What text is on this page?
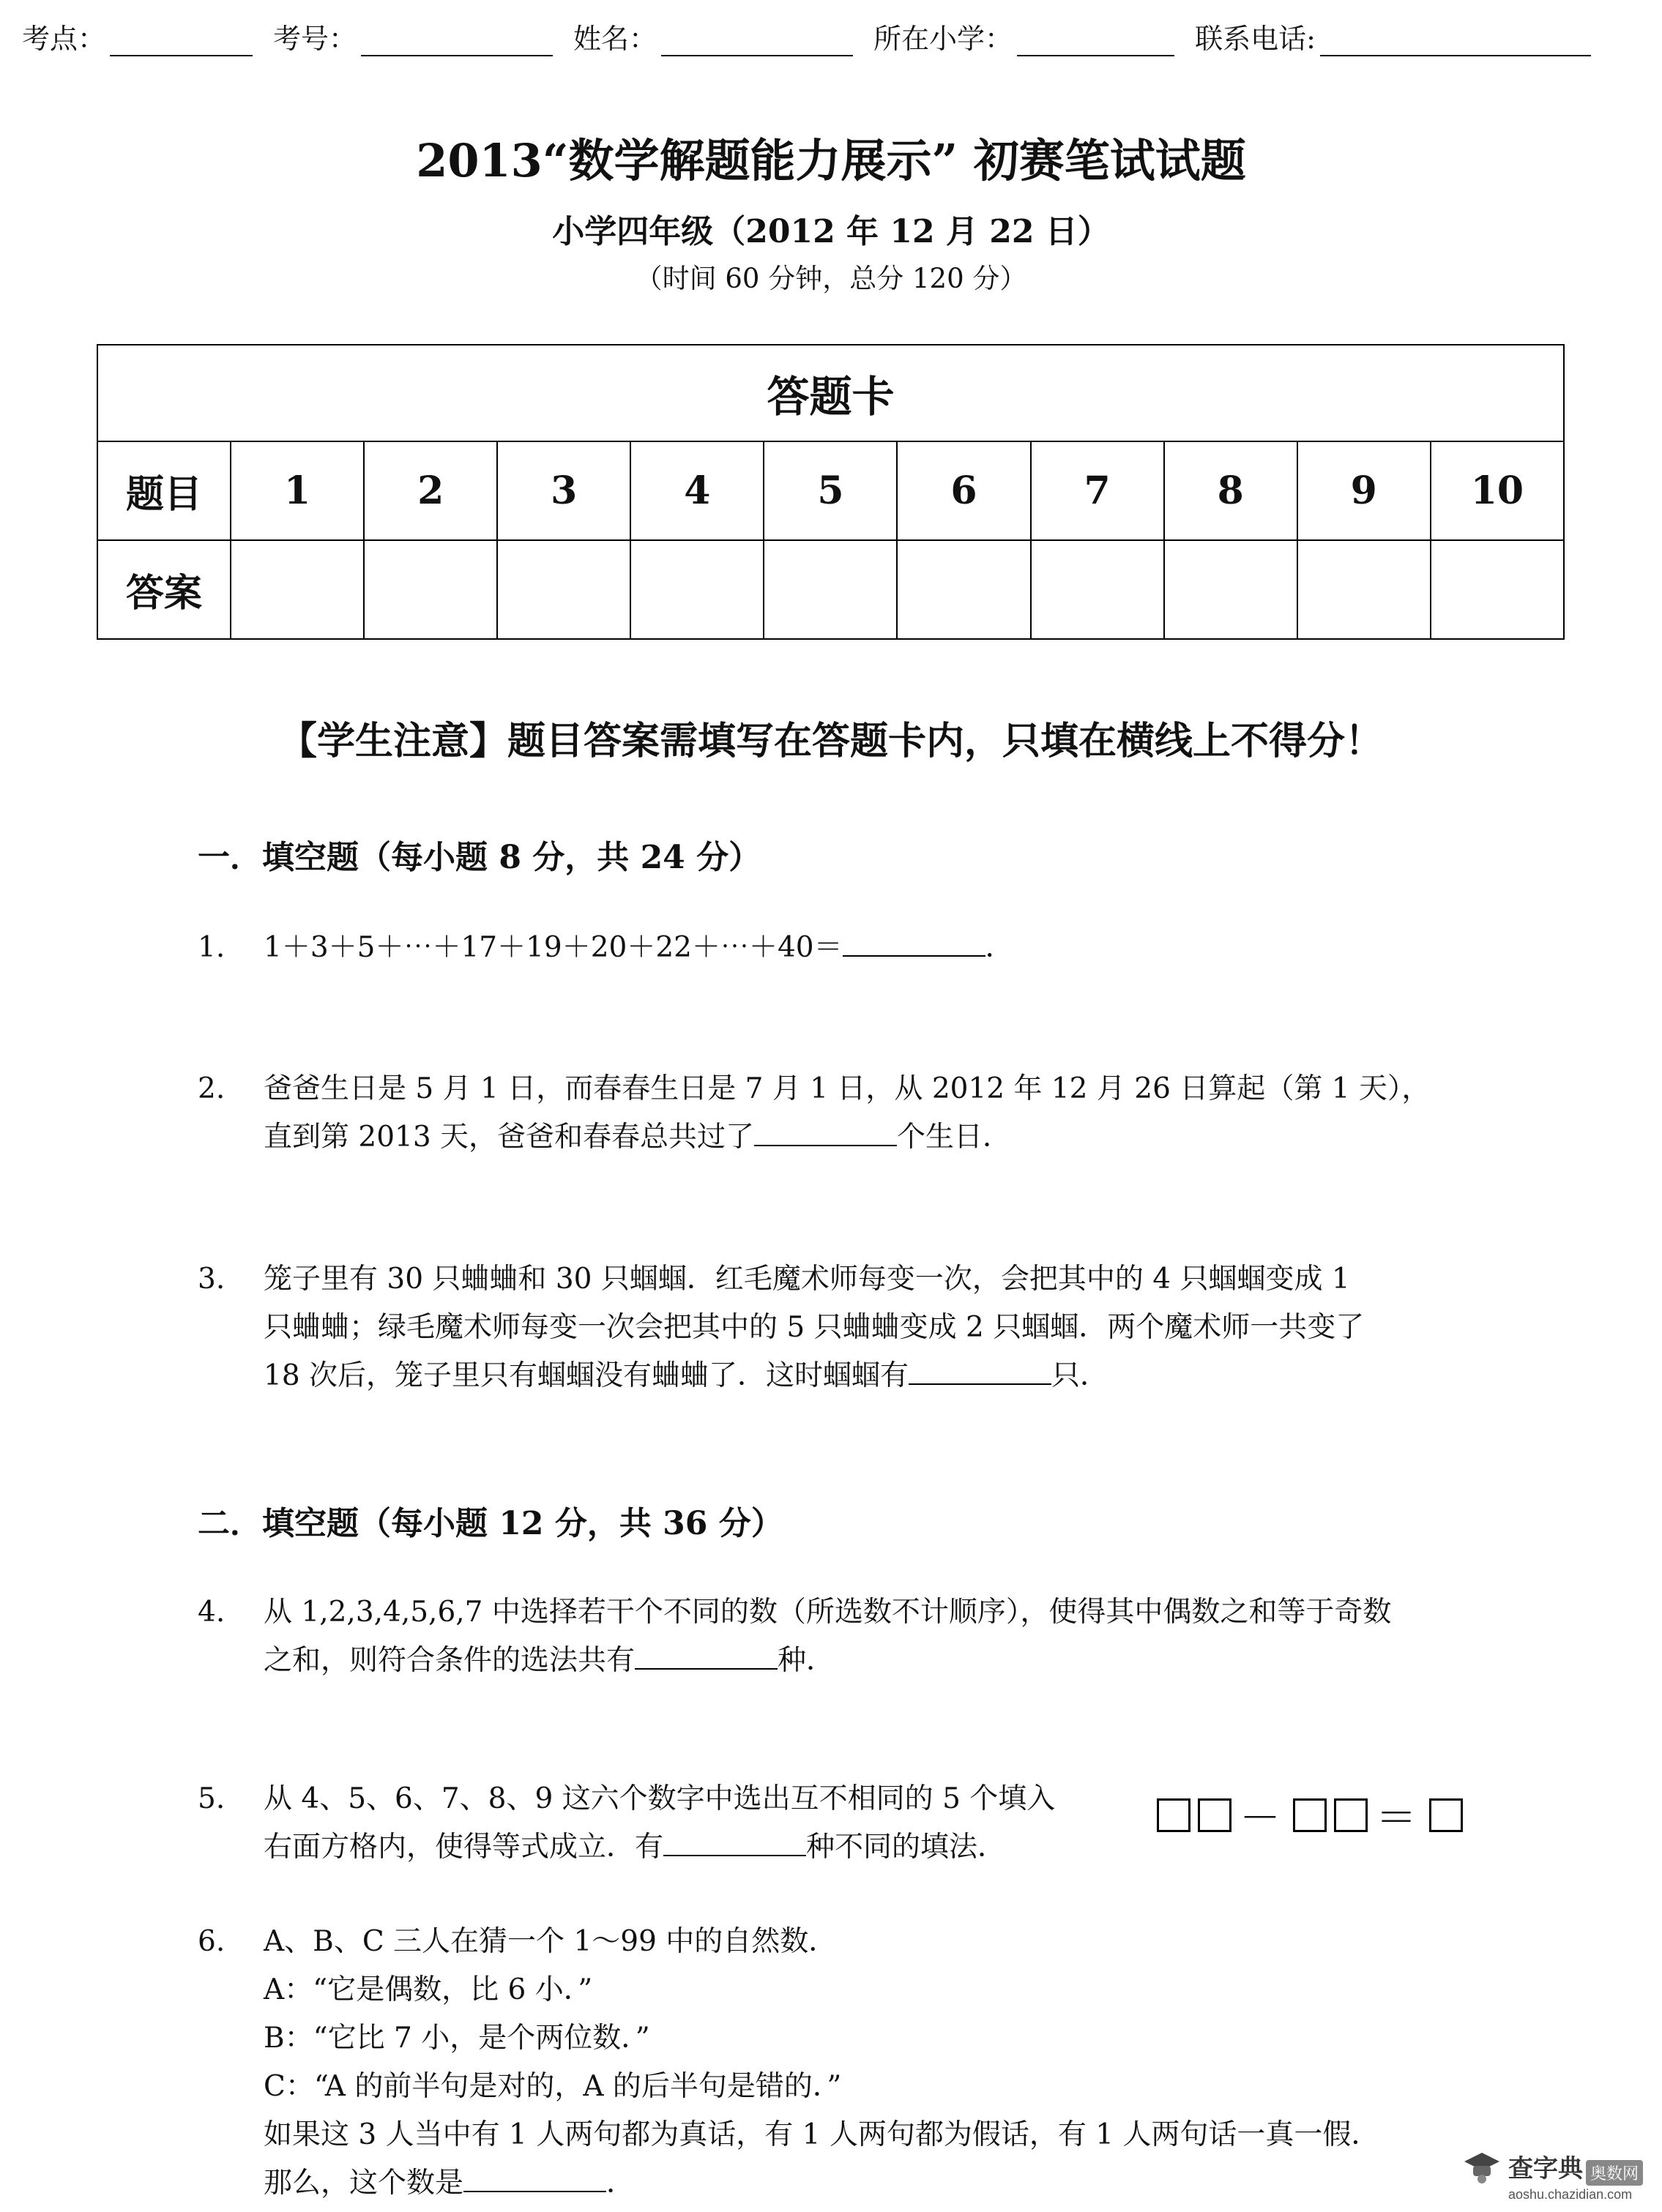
考点：	考号：	姓名：	所在小学：	联系电话:
2013“数学解题能力展示” 初赛笔试试题
小学四年级（2012 年 12 月 22 日）
（时间 60 分钟，总分 120 分）
答题卡										
题目	1	2	3	4	5	6	7	8	9	10
答案										
【学生注意】题目答案需填写在答题卡内，只填在横线上不得分！
一．填空题（每小题 8 分，共 24 分）
1.	1＋3＋5＋⋯＋17＋19＋20＋22＋⋯＋40＝	．
2.	爸爸生日是 5 月 1 日，而春春生日是 7 月 1 日，从 2012 年 12 月 26 日算起（第 1 天），
直到第 2013 天，爸爸和春春总共过了	个生日．
3.	笼子里有 30 只蛐蛐和 30 只蝈蝈．红毛魔术师每变一次，会把其中的 4 只蝈蝈变成 1
只蛐蛐；绿毛魔术师每变一次会把其中的 5 只蛐蛐变成 2 只蝈蝈．两个魔术师一共变了
18 次后，笼子里只有蝈蝈没有蛐蛐了．这时蝈蝈有	只．
二．填空题（每小题 12 分，共 36 分）
4.	从 1,2,3,4,5,6,7 中选择若干个不同的数（所选数不计顺序），使得其中偶数之和等于奇数
之和，则符合条件的选法共有	种．
5.	从 4、5、6、7、8、9 这六个数字中选出互不相同的 5 个填入
右面方格内，使得等式成立．有	种不同的填法．
－ ＝
6.	A、B、C 三人在猜一个 1～99 中的自然数．
A：“它是偶数，比 6 小．”
B：“它比 7 小，是个两位数．”
C：“A 的前半句是对的，A 的后半句是错的．”
如果这 3 人当中有 1 人两句都为真话，有 1 人两句都为假话，有 1 人两句话一真一假．
那么，这个数是	．	查字典 奥数网
aoshu.chazidian.com
